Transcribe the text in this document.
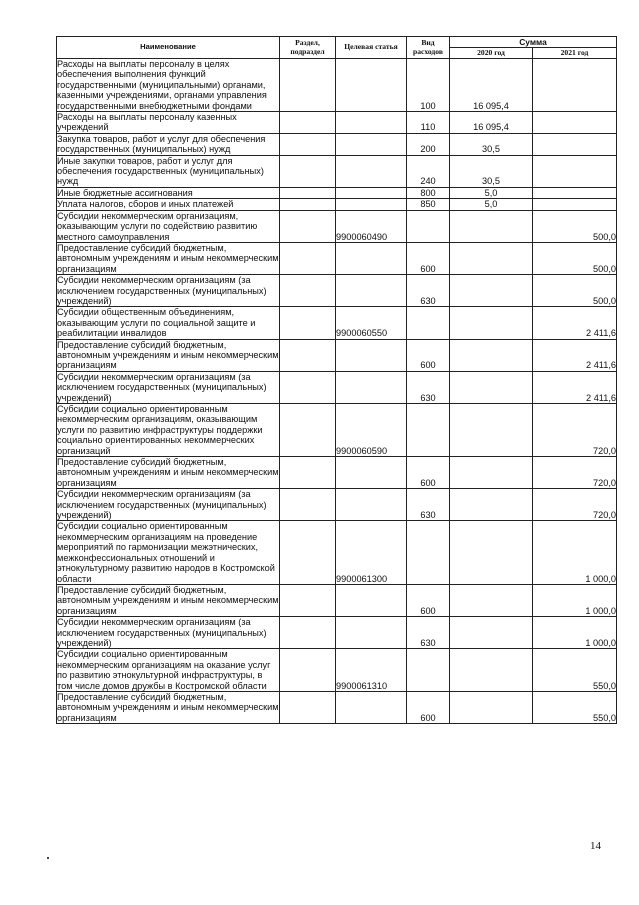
Наименование	Раздел, подраздел	Целевая статья	Вид расходов	Сумма	
				2020 год	2021 год
Расходы на выплаты персоналу в целях обеспечения выполнения функций государственными (муниципальными) органами, казенными учреждениями, органами управления государственными внебюджетными фондами			100	16 095,4	
Расходы на выплаты персоналу казенных учреждений			110	16 095,4	
Закупка товаров, работ и услуг для обеспечения государственных (муниципальных) нужд			200	30,5	
Иные закупки товаров, работ и услуг для обеспечения государственных (муниципальных) нужд			240	30,5	
Иные бюджетные ассигнования			800	5,0	
Уплата налогов, сборов и иных платежей			850	5,0	
Субсидии некоммерческим организациям, оказывающим услуги по содействию развитию местного самоуправления		9900060490			500,0
Предоставление субсидий бюджетным, автономным учреждениям и иным некоммерческим организациям			600		500,0
Субсидии некоммерческим организациям (за исключением государственных (муниципальных) учреждений)			630		500,0
Субсидии общественным объединениям, оказывающим услуги по социальной защите и реабилитации инвалидов		9900060550			2 411,6
Предоставление субсидий бюджетным, автономным учреждениям и иным некоммерческим организациям			600		2 411,6
Субсидии некоммерческим организациям (за исключением государственных (муниципальных) учреждений)			630		2 411,6
Субсидии социально ориентированным некоммерческим организациям, оказывающим услуги по развитию инфраструктуры поддержки социально ориентированных некоммерческих организаций		9900060590			720,0
Предоставление субсидий бюджетным, автономным учреждениям и иным некоммерческим организациям			600		720,0
Субсидии некоммерческим организациям (за исключением государственных (муниципальных) учреждений)			630		720,0
Субсидии социально ориентированным некоммерческим организациям на проведение мероприятий по гармонизации межэтнических, межконфессиональных отношений и этнокультурному развитию народов в Костромской области		9900061300			1 000,0
Предоставление субсидий бюджетным, автономным учреждениям и иным некоммерческим организациям			600		1 000,0
Субсидии некоммерческим организациям (за исключением государственных (муниципальных) учреждений)			630		1 000,0
Субсидии социально ориентированным некоммерческим организациям на оказание услуг по развитию этнокультурной инфраструктуры, в том числе домов дружбы в Костромской области		9900061310			550,0
Предоставление субсидий бюджетным, автономным учреждениям и иным некоммерческим организациям			600		550,0
14
